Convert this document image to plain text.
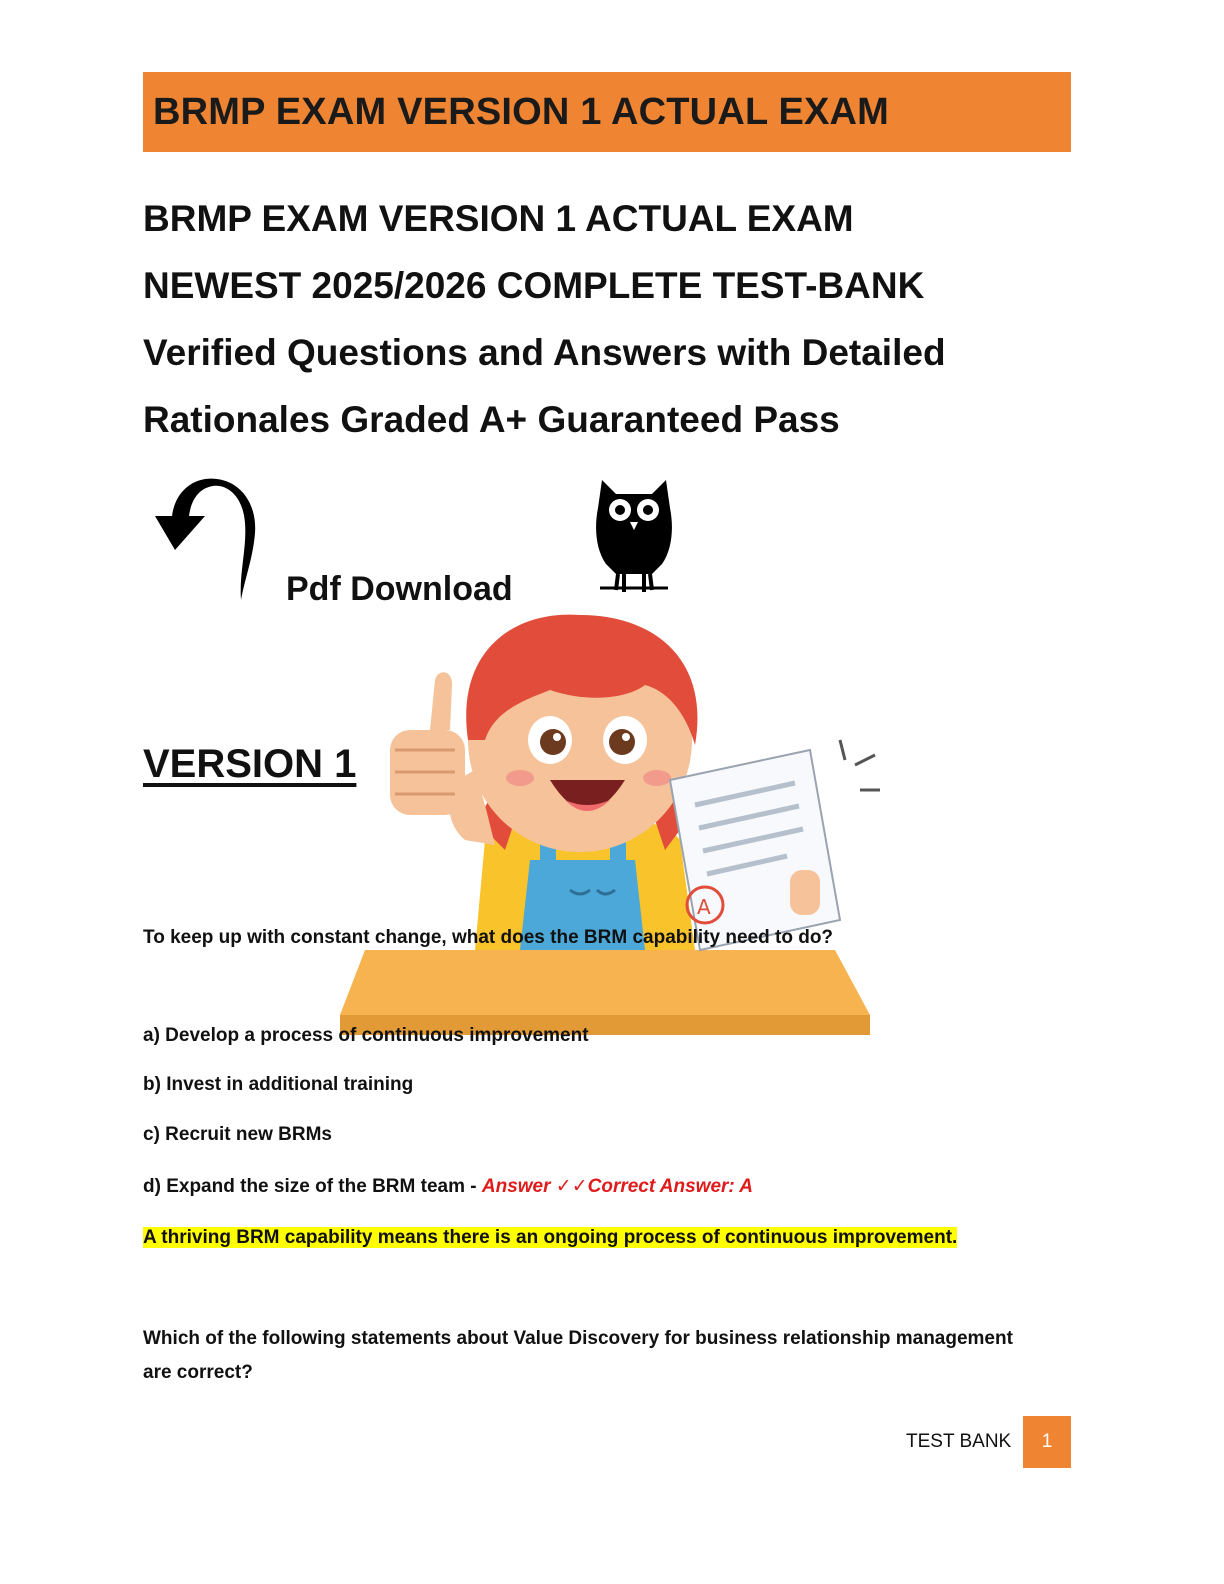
BRMP EXAM VERSION 1 ACTUAL EXAM
BRMP EXAM VERSION 1 ACTUAL EXAM
NEWEST 2025/2026 COMPLETE TEST-BANK
Verified Questions and Answers with Detailed
Rationales Graded A+ Guaranteed Pass
A
Pdf Download
VERSION 1
To keep up with constant change, what does the BRM capability need to do?
a) Develop a process of continuous improvement
b) Invest in additional training
c) Recruit new BRMs
d) Expand the size of the BRM team - Answer ✓✓Correct Answer: A
A thriving BRM capability means there is an ongoing process of continuous improvement.
Which of the following statements about Value Discovery for business relationship management are correct?
TEST BANK	1
